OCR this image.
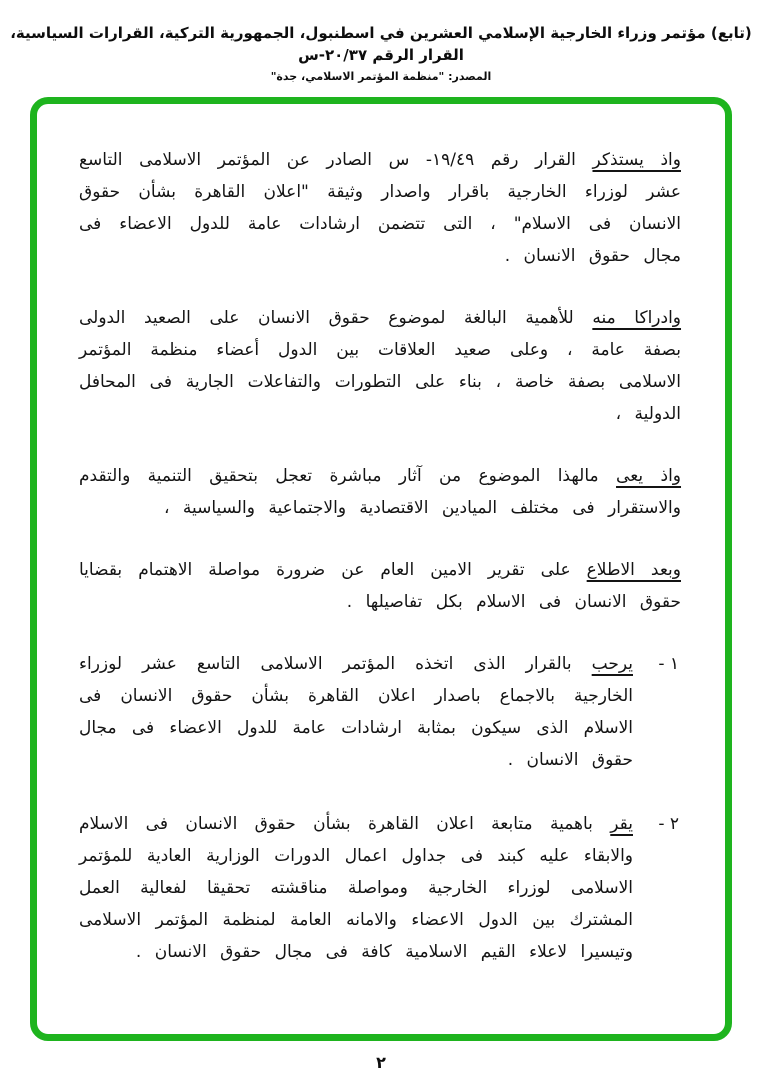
(تابع) مؤتمر وزراء الخارجية الإسلامي العشرين في اسطنبول، الجمهورية التركية، القرارات السياسية، القرار الرقم ٢٠/٣٧-س
المصدر: "منظمة المؤتمر الاسلامي، جدة"

واذ يستذكر القرار رقم ١٩/٤٩- س الصادر عن المؤتمر الاسلامى التاسع عشر لوزراء الخارجية باقرار واصدار وثيقة "اعلان القاهرة بشأن حقوق الانسان فى الاسلام" ، التى تتضمن ارشادات عامة للدول الاعضاء فى مجال حقوق الانسان .

وادراكا منه للأهمية البالغة لموضوع حقوق الانسان على الصعيد الدولى بصفة عامة ، وعلى صعيد العلاقات بين الدول أعضاء منظمة المؤتمر الاسلامى بصفة خاصة ، بناء على التطورات والتفاعلات الجارية فى المحافل الدولية ،

واذ يعى مالهذا الموضوع من آثار مباشرة تعجل بتحقيق التنمية والتقدم والاستقرار فى مختلف الميادين الاقتصادية والاجتماعية والسياسية ،

وبعد الاطلاع على تقرير الامين العام عن ضرورة مواصلة الاهتمام بقضايا حقوق الانسان فى الاسلام بكل تفاصيلها .

١ -
يرحب بالقرار الذى اتخذه المؤتمر الاسلامى التاسع عشر لوزراء الخارجية بالاجماع باصدار اعلان القاهرة بشأن حقوق الانسان فى الاسلام الذى سيكون بمثابة ارشادات عامة للدول الاعضاء فى مجال حقوق الانسان .

٢ -
يقر باهمية متابعة اعلان القاهرة بشأن حقوق الانسان فى الاسلام والابقاء عليه كبند فى جداول اعمال الدورات الوزارية العادية للمؤتمر الاسلامى لوزراء الخارجية ومواصلة مناقشته تحقيقا لفعالية العمل المشترك بين الدول الاعضاء والامانه العامة لمنظمة المؤتمر الاسلامى وتيسيرا لاعلاء القيم الاسلامية كافة فى مجال حقوق الانسان .

٢
